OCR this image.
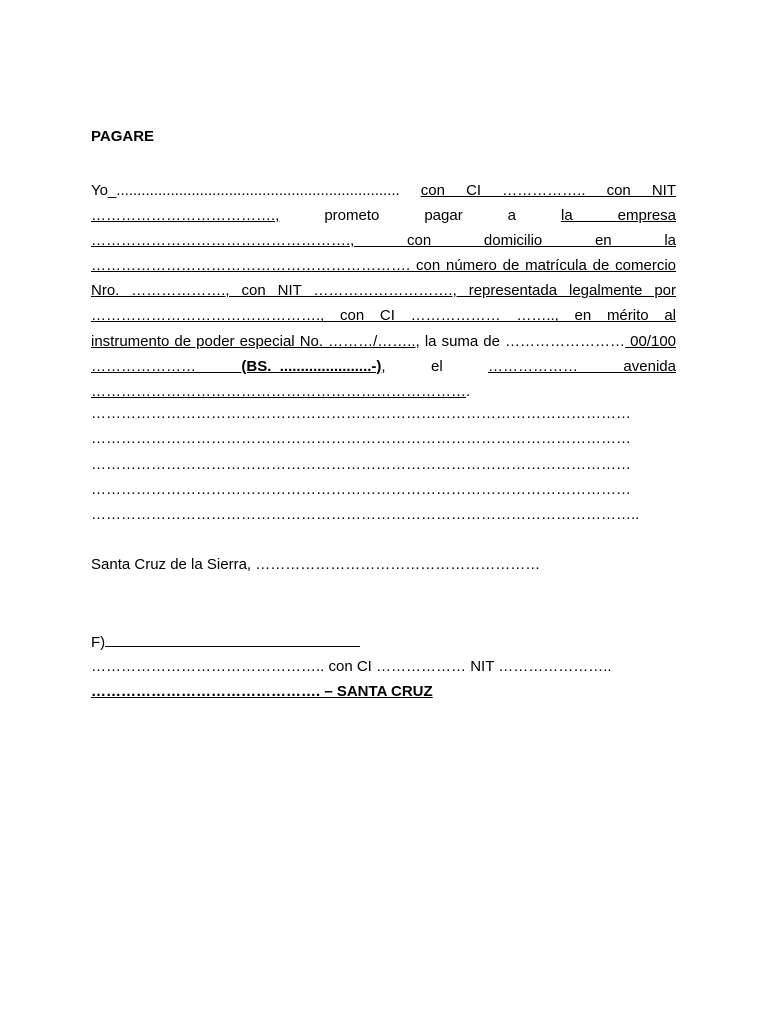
PAGARE

Yo_.................................................................... con CI …………….. con NIT ………………………………., prometo pagar a la empresa ……………………………………………., con domicilio en la ………………………………………………………. con número de matrícula de comercio Nro. ………………., con NIT ………………………., representada legalmente por ………………………………………., con CI ……………… …….., en mérito al instrumento de poder especial No. ………/…….., la suma de …………………… 00/100 ………………… (BS._......................-), el ……………… avenida ………………………………………………………………….

………………………………………………………………………………………………

………………………………………………………………………………………………

………………………………………………………………………………………………

………………………………………………………………………………………………

………………………………………………………………………………………………..

Santa Cruz de la Sierra, …………………………………………………

F)

……………………………………….. con CI ……………… NIT …………………..

………………………………………. – SANTA CRUZ
